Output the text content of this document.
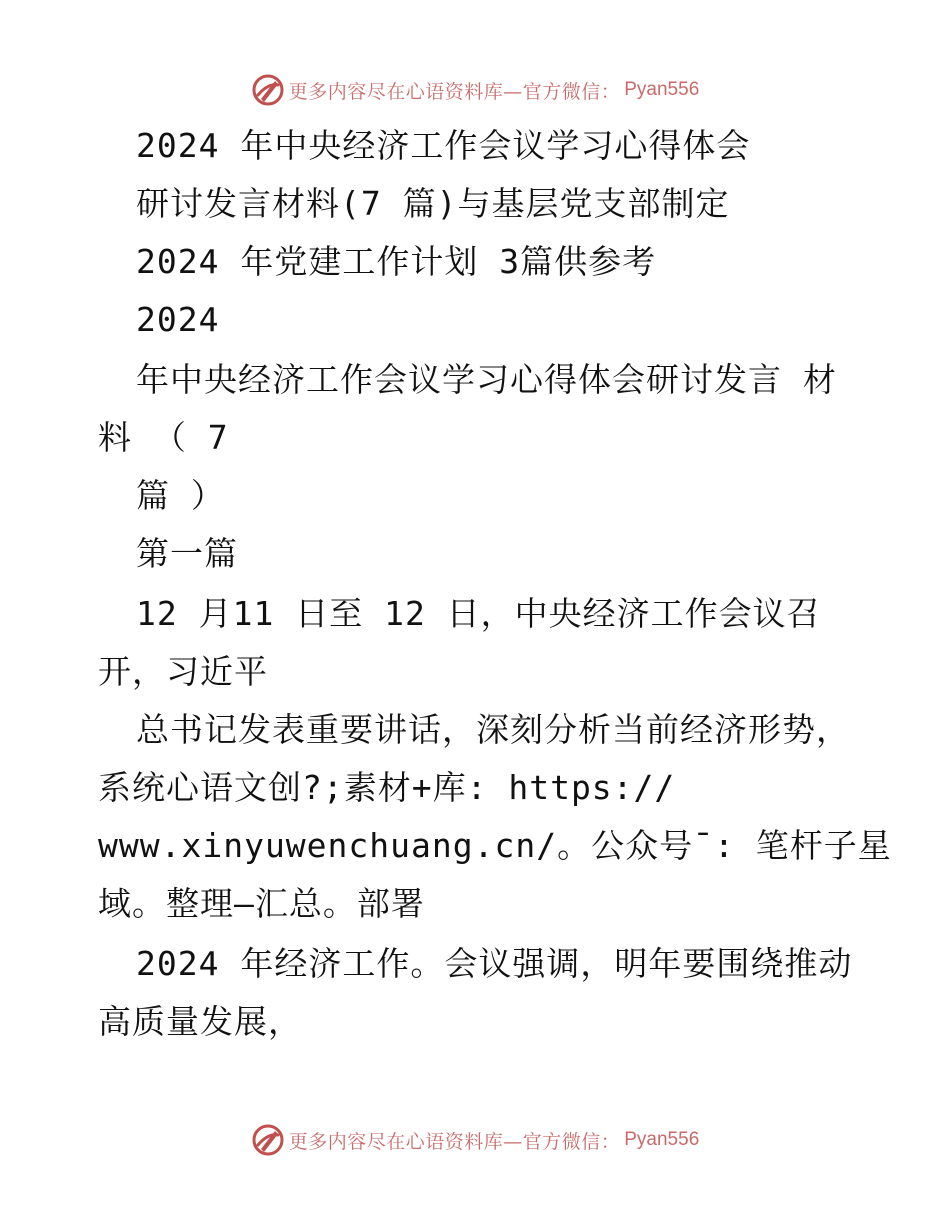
更多内容尽在心语资料库—官方微信： Pyan556
2024 年中央经济工作会议学习心得体会
研讨发言材料(7 篇)与基层党支部制定
2024 年党建工作计划 3篇供参考
2024
年中央经济工作会议学习心得体会研讨发言 材
料 （ 7
篇 ）
第一篇
12 月11 日至 12 日，中央经济工作会议召
开，习近平
总书记发表重要讲话，深刻分析当前经济形势，
系统心语文创?;素材+库: https://
www.xinyuwenchuang.cn/。公众号¯: 笔杆子星
域。整理—汇总。部署
2024 年经济工作。会议强调，明年要围绕推动
高质量发展，
更多内容尽在心语资料库—官方微信： Pyan556
